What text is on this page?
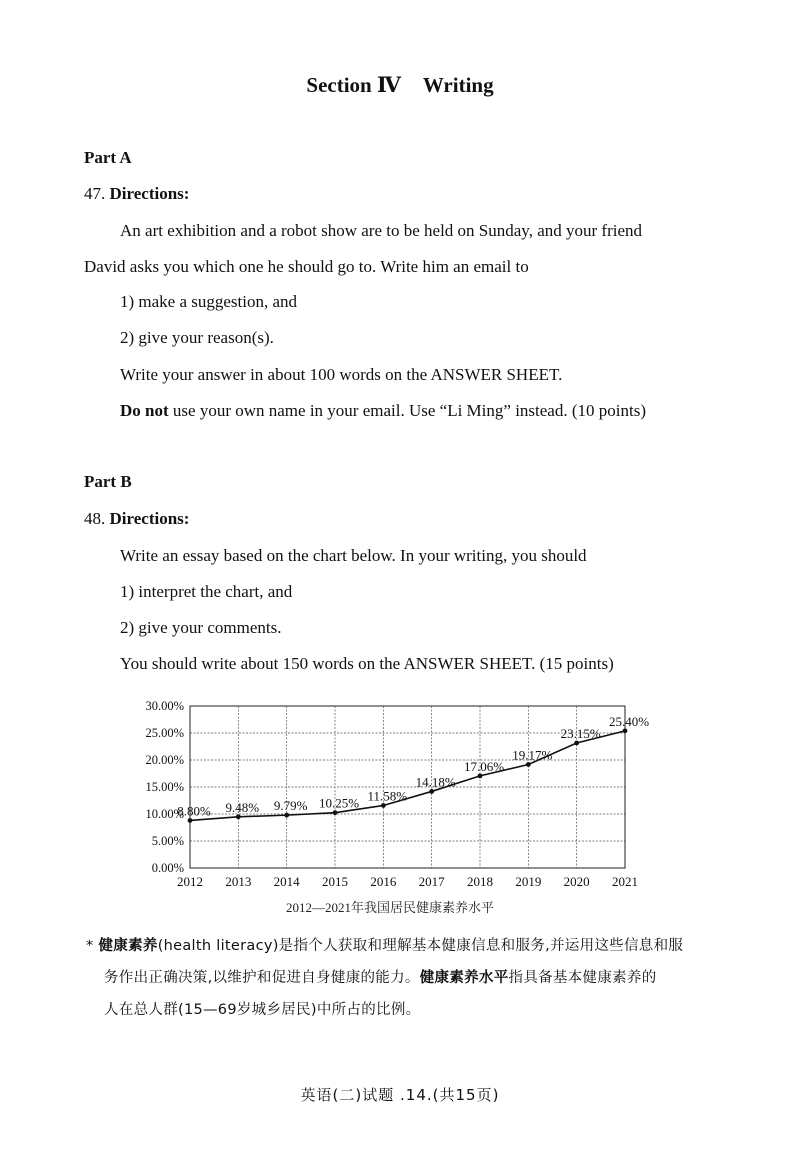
Section Ⅳ Writing
Part A
47. Directions:
An art exhibition and a robot show are to be held on Sunday, and your friend
David asks you which one he should go to. Write him an email to
1) make a suggestion, and
2) give your reason(s).
Write your answer in about 100 words on the ANSWER SHEET.
Do not use your own name in your email. Use “Li Ming” instead. (10 points)
Part B
48. Directions:
Write an essay based on the chart below. In your writing, you should
1) interpret the chart, and
2) give your comments.
You should write about 150 words on the ANSWER SHEET. (15 points)
0.00%
5.00%
10.00%
15.00%
20.00%
25.00%
30.00%
2012 2013 2014 2015 2016 2017 2018 2019 2020 2021
8.80% 9.48% 9.79% 10.25% 11.58%
14.18%
17.06%
19.17%
23.15%
25.40%
2012—2021年我国居民健康素养水平
* 健康素养(health literacy)是指个人获取和理解基本健康信息和服务,并运用这些信息和服
务作出正确决策,以维护和促进自身健康的能力。健康素养水平指具备基本健康素养的
人在总人群(15—69岁城乡居民)中所占的比例。
英语(二)试题 .14.(共15页)
